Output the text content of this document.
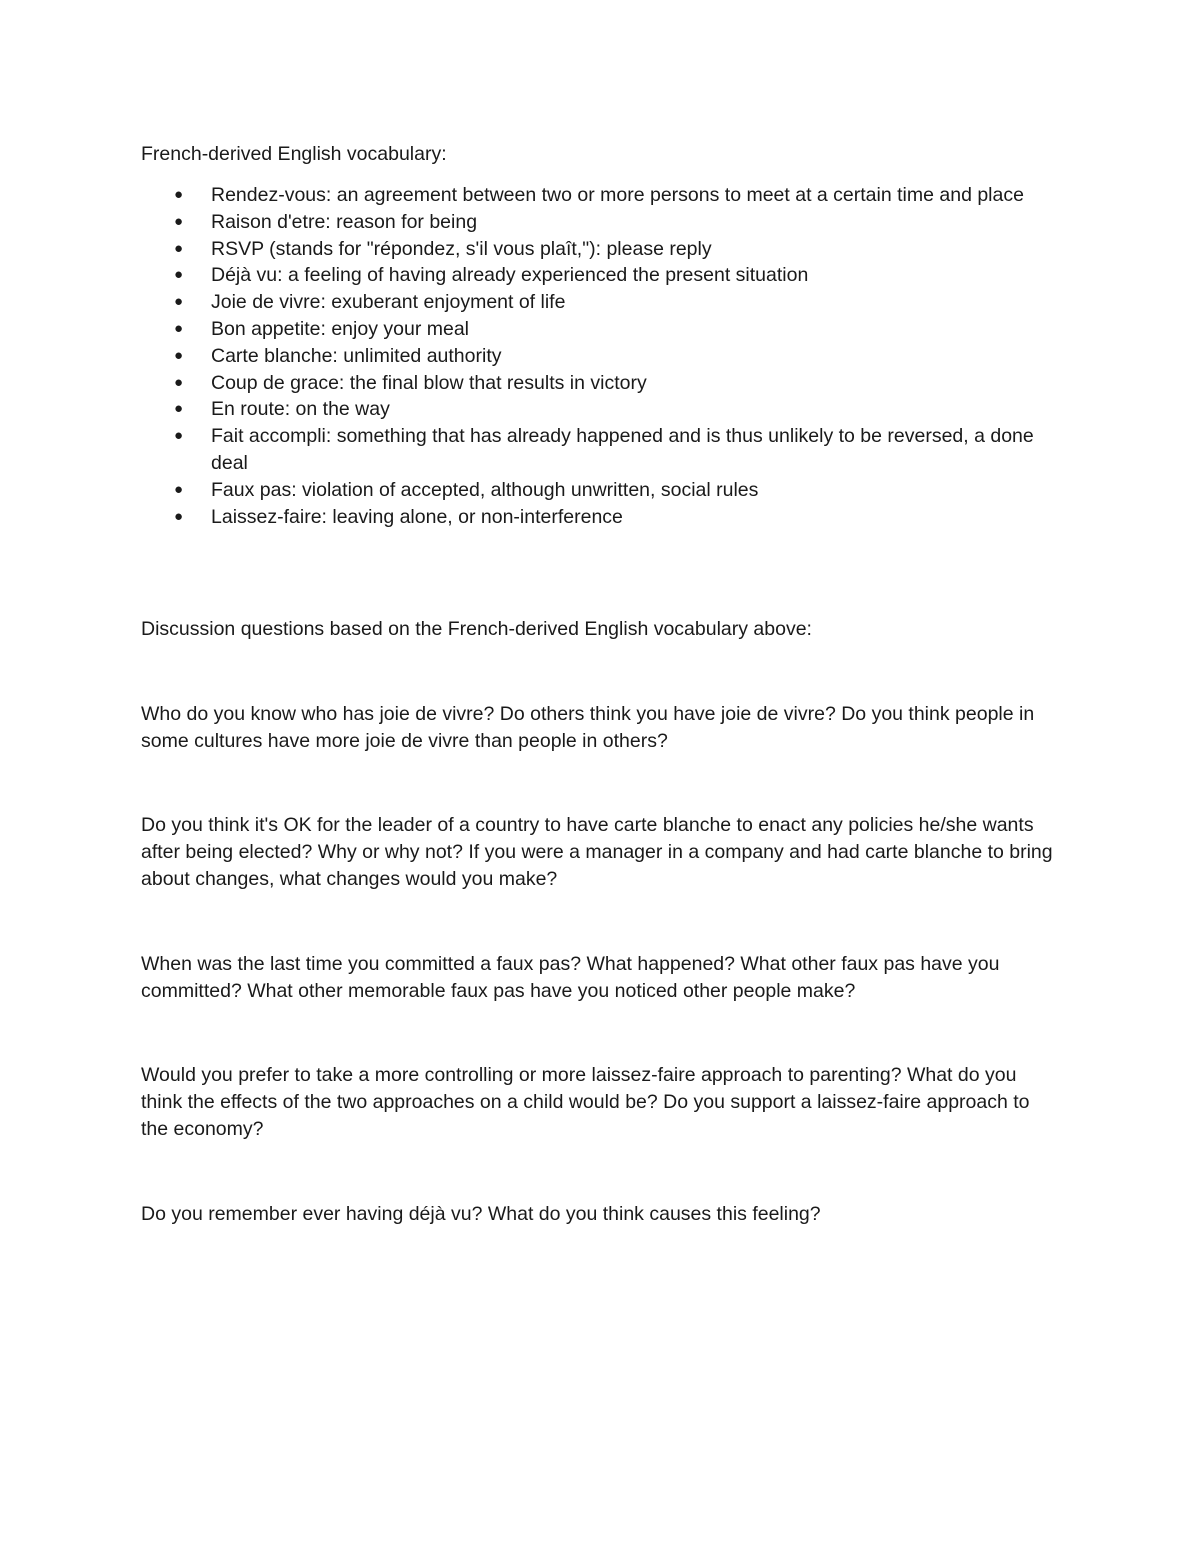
French-derived English vocabulary:

●	Rendez-vous: an agreement between two or more persons to meet at a certain time and place
●	Raison d'etre: reason for being
●	RSVP (stands for "répondez, s'il vous plaît,"): please reply
●	Déjà vu: a feeling of having already experienced the present situation
●	Joie de vivre: exuberant enjoyment of life
●	Bon appetite: enjoy your meal
●	Carte blanche: unlimited authority
●	Coup de grace: the final blow that results in victory
●	En route: on the way
●	Fait accompli: something that has already happened and is thus unlikely to be reversed, a done deal
●	Faux pas: violation of accepted, although unwritten, social rules
●	Laissez-faire: leaving alone, or non-interference

Discussion questions based on the French-derived English vocabulary above:

Who do you know who has joie de vivre? Do others think you have joie de vivre? Do you think people in some cultures have more joie de vivre than people in others?

Do you think it's OK for the leader of a country to have carte blanche to enact any policies he/she wants after being elected? Why or why not? If you were a manager in a company and had carte blanche to bring about changes, what changes would you make?

When was the last time you committed a faux pas? What happened? What other faux pas have you committed? What other memorable faux pas have you noticed other people make?

Would you prefer to take a more controlling or more laissez-faire approach to parenting? What do you think the effects of the two approaches on a child would be? Do you support a laissez-faire approach to the economy?

Do you remember ever having déjà vu? What do you think causes this feeling?
